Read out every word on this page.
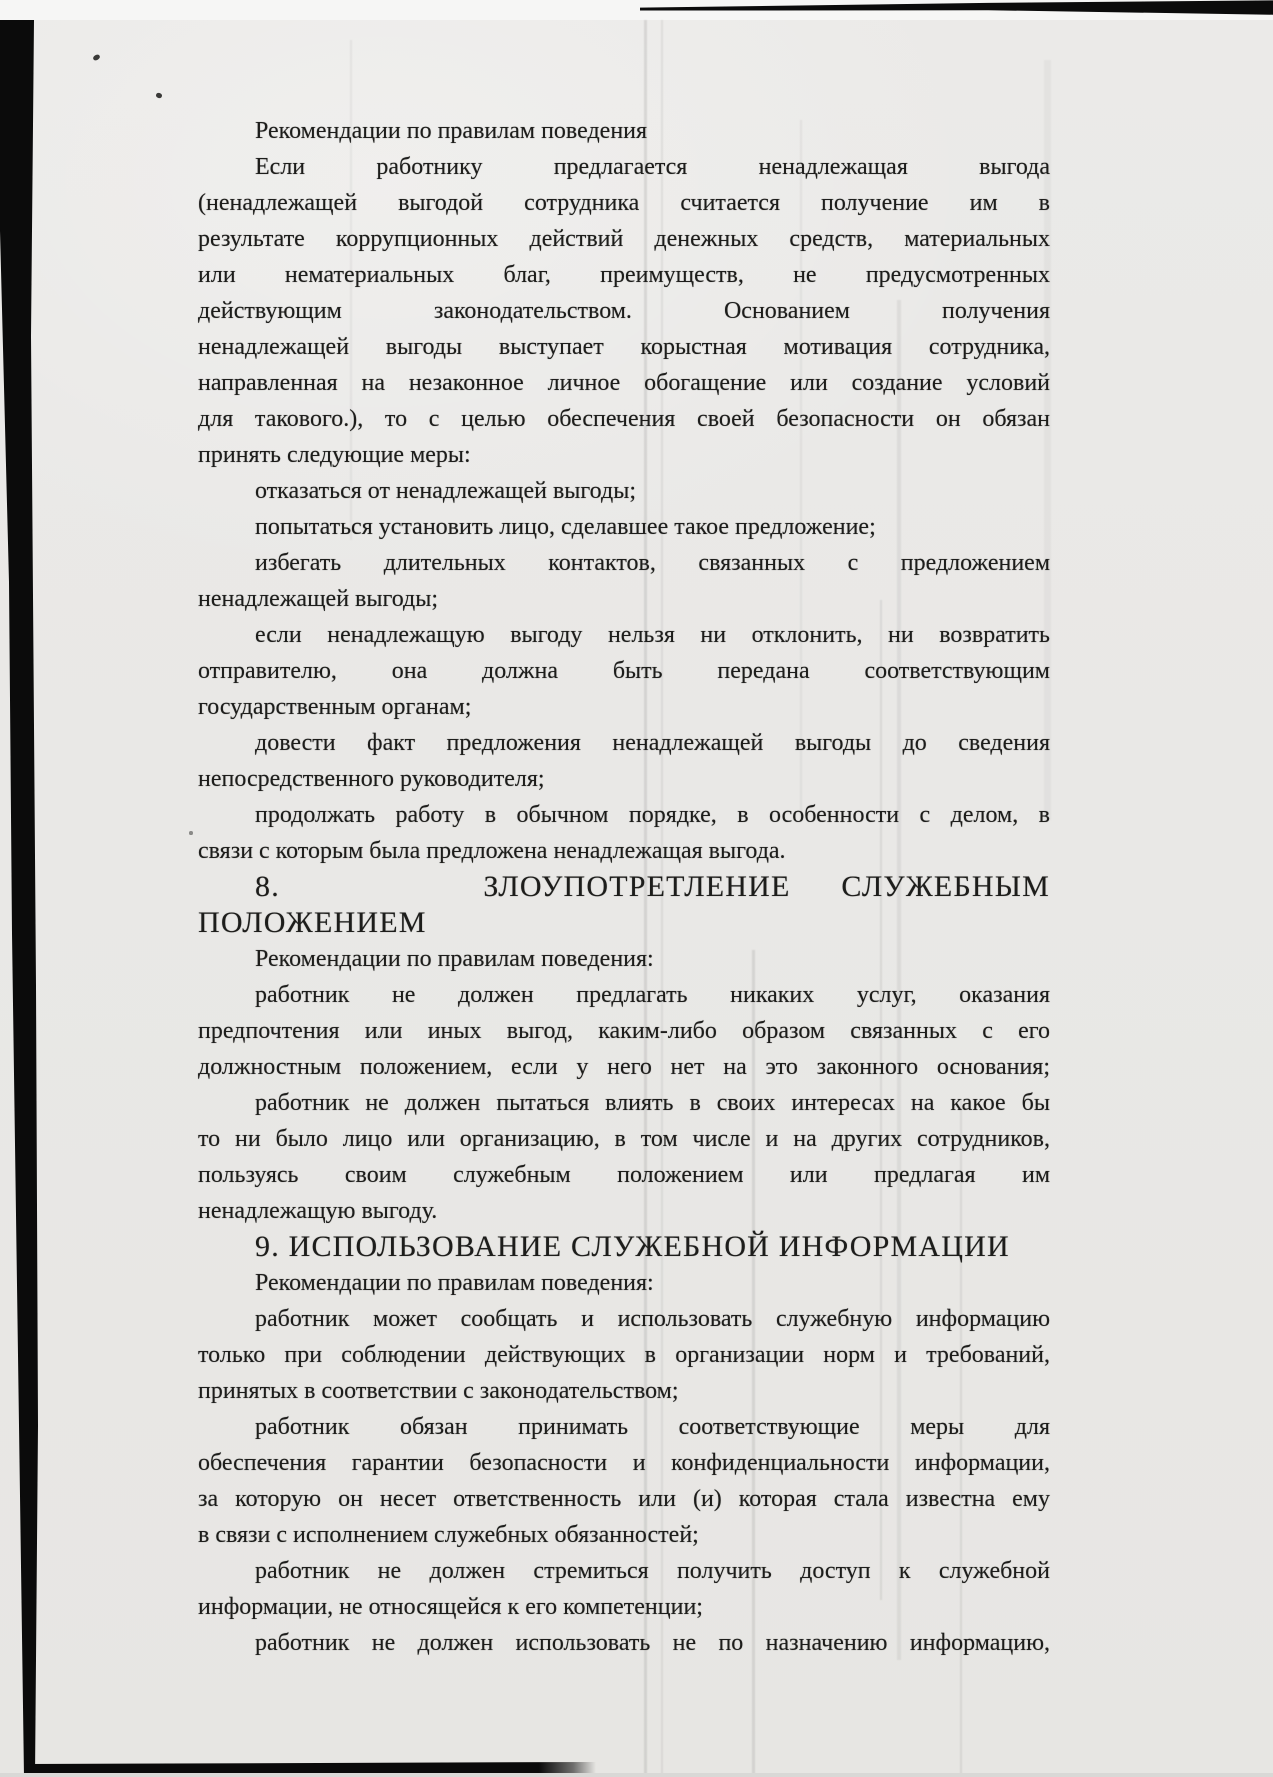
Рекомендации по правилам поведения
Если работнику предлагается ненадлежащая выгода
(ненадлежащей выгодой сотрудника считается получение им в
результате коррупционных действий денежных средств, материальных
или нематериальных благ, преимуществ, не предусмотренных
действующим законодательством. Основанием получения
ненадлежащей выгоды выступает корыстная мотивация сотрудника,
направленная на незаконное личное обогащение или создание условий
для такового.), то с целью обеспечения своей безопасности он обязан
принять следующие меры:
отказаться от ненадлежащей выгоды;
попытаться установить лицо, сделавшее такое предложение;
избегать длительных контактов, связанных с предложением
ненадлежащей выгоды;
если ненадлежащую выгоду нельзя ни отклонить, ни возвратить
отправителю, она должна быть передана соответствующим
государственным органам;
довести факт предложения ненадлежащей выгоды до сведения
непосредственного руководителя;
продолжать работу в обычном порядке, в особенности с делом, в
связи с которым была предложена ненадлежащая выгода.
8.    ЗЛОУПОТРЕТЛЕНИЕ СЛУЖЕБНЫМ ПОЛОЖЕНИЕМ
Рекомендации по правилам поведения:
работник не должен предлагать никаких услуг, оказания
предпочтения или иных выгод, каким-либо образом связанных с его
должностным положением, если у него нет на это законного основания;
работник не должен пытаться влиять в своих интересах на какое бы
то ни было лицо или организацию, в том числе и на других сотрудников,
пользуясь своим служебным положением или предлагая им
ненадлежащую выгоду.
9. ИСПОЛЬЗОВАНИЕ СЛУЖЕБНОЙ ИНФОРМАЦИИ
Рекомендации по правилам поведения:
работник может сообщать и использовать служебную информацию
только при соблюдении действующих в организации норм и требований,
принятых в соответствии с законодательством;
работник обязан принимать соответствующие меры для
обеспечения гарантии безопасности и конфиденциальности информации,
за которую он несет ответственность или (и) которая стала известна ему
в связи с исполнением служебных обязанностей;
работник не должен стремиться получить доступ к служебной
информации, не относящейся к его компетенции;
работник не должен использовать не по назначению информацию,
